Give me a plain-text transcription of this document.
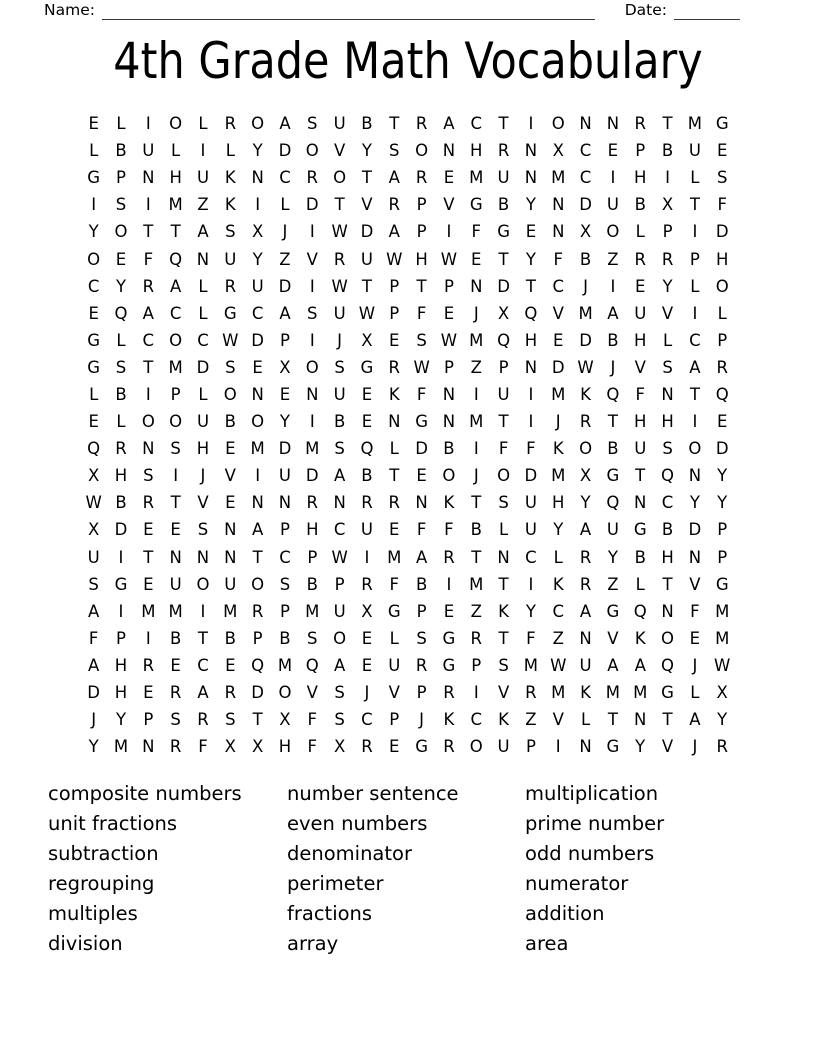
Name:	Date:
4th Grade Math Vocabulary
E	L	I	O L	R O A S U B	T	R A C	T	I	O N N R	T M G
L	B U	L	I	L	Y D O V	Y	S O N H R N X C E	P	B U E
G P N H U K N C R O T	A R E M U N M C	I	H	I	L	S
I	S	I	M Z K	I	L D T	V R	P	V G B	Y N D U B X	T	F
Y O T	T	A S X	J	I	W D A	P	I	F G E N X O L	P	I	D
O E	F Q N U Y	Z V R U W H W E	T	Y	F	B Z R R	P H
C	Y	R A	L	R U D	I	W T	P	T	P N D T	C	J	I	E	Y	L O
E Q A C	L G C A S U W P	F	E	J	X Q V M A U V	I	L
G L	C O C W D P	I	J	X E	S W M Q H E D B H	L	C	P
G S	T M D S	E X O S G R W P	Z	P N D W	J	V S A R
L	B	I	P	L O N E N U E	K	F N	I	U	I	M K Q F N T Q
E	L O O U B O Y	I	B E N G N M T	I	J	R	T H H	I	E
Q R N S H E M D M S Q L D B	I	F	F	K O B U S O D
X H S	I	J	V	I	U D A B	T	E O	J	O D M X G T Q N Y
W B R	T	V E N N R N R R N K	T	S U H Y Q N C	Y	Y
X D E	E	S N A	P H C U E	F	F	B	L	U Y	A U G B D P
U	I	T N N N T	C	P W	I	M A R	T N C	L	R	Y	B H N P
S G E U O U O S B	P	R	F	B	I	M T	I	K R Z	L	T	V G
A	I	M M	I	M R	P M U X G P	E Z K	Y	C A G Q N F M
F	P	I	B	T	B	P	B S O E	L	S G R	T	F	Z N V K O E M
A H R E C E Q M Q A E U R G P	S M W U A A Q	J	W
D H E R A R D O V S	J	V	P	R	I	V R M K M M G L	X
J	Y	P	S R S	T	X	F	S C	P	J	K C K Z V	L	T N T	A	Y
Y M N R	F	X X H F	X R E G R O U P	I	N G Y	V	J	R
composite numbers
unit fractions
subtraction
regrouping
multiples
division
number sentence
even numbers
denominator
perimeter
fractions
array
multiplication
prime number
odd numbers
numerator
addition
area
